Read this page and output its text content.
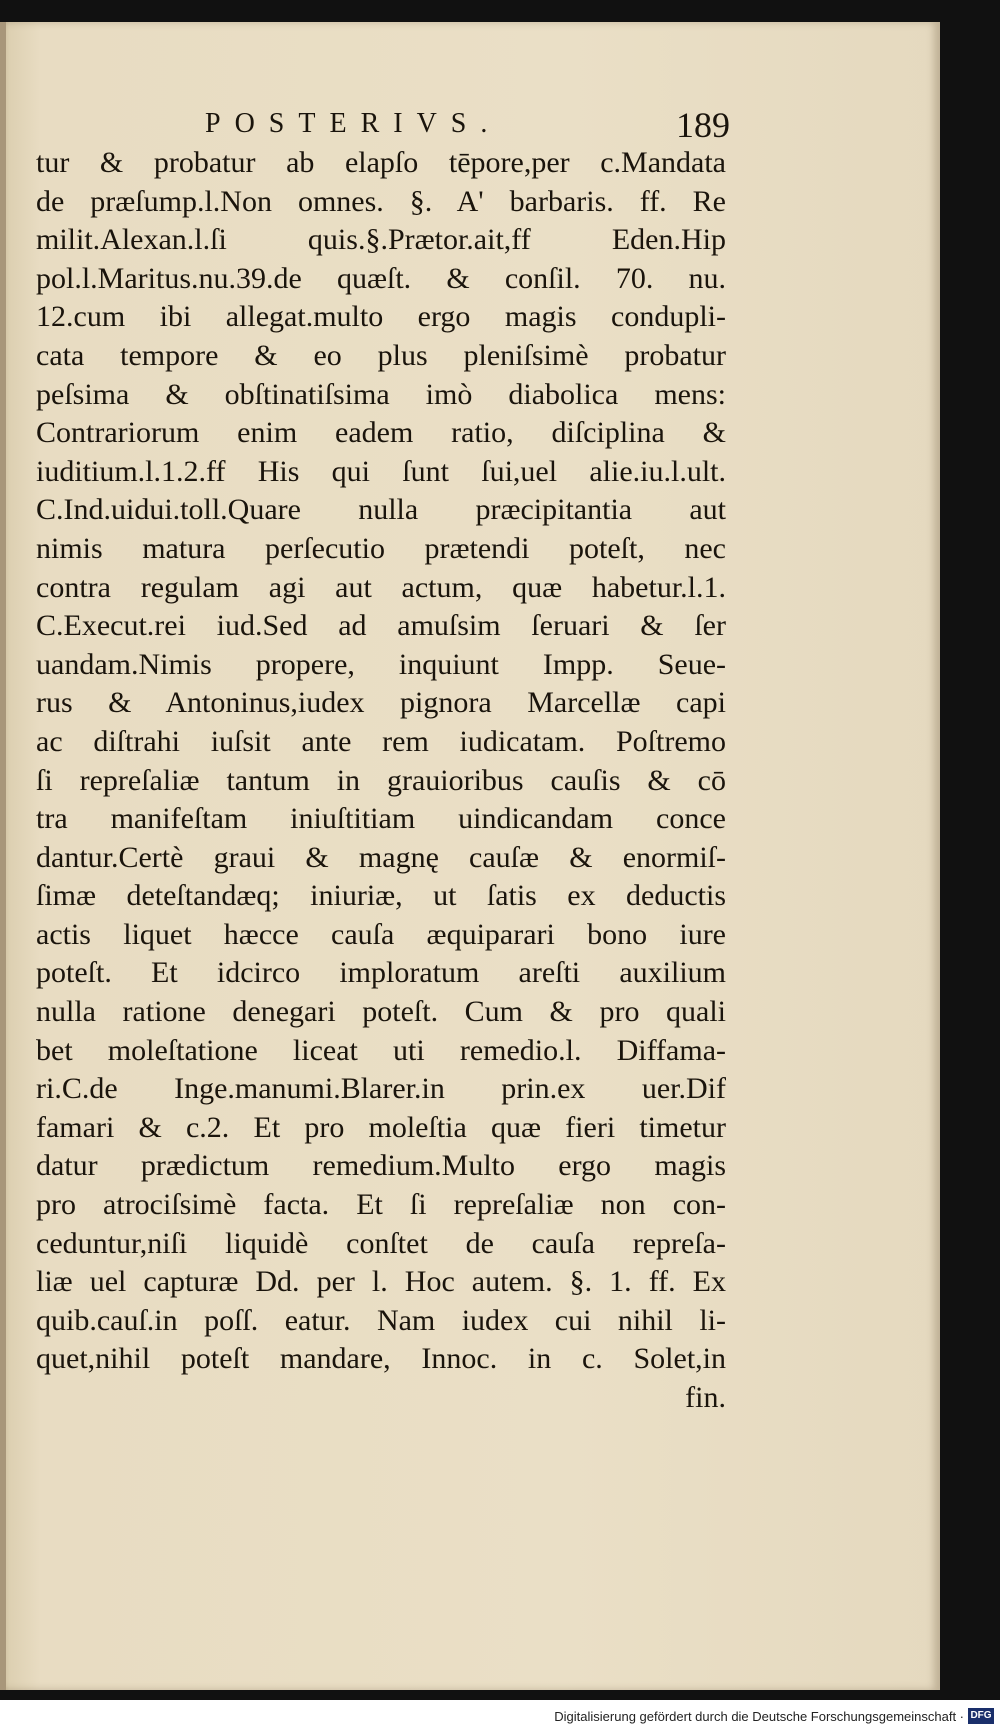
POSTERIVS.	189
tur & probatur ab elapſo tēpore,per c.Mandata
de præſump.l.Non omnes. §. A' barbaris. ff. Re
milit.Alexan.l.ſi quis.§.Prætor.ait,ff Eden.Hip
pol.l.Maritus.nu.39.de quæſt. & conſil. 70. nu.
12.cum ibi allegat.multo ergo magis condupli-
cata tempore & eo plus pleniſsimè probatur
peſsima & obſtinatiſsima imò diabolica mens:
Contrariorum enim eadem ratio, diſciplina &
iuditium.l.1.2.ff His qui ſunt ſui,uel alie.iu.l.ult.
C.Ind.uidui.toll.Quare nulla præcipitantia aut
nimis matura perſecutio prætendi poteſt, nec
contra regulam agi aut actum, quæ habetur.l.1.
C.Execut.rei iud.Sed ad amuſsim ſeruari & ſer
uandam.Nimis propere, inquiunt Impp. Seue-
rus & Antoninus,iudex pignora Marcellæ capi
ac diſtrahi iuſsit ante rem iudicatam. Poſtremo
ſi repreſaliæ tantum in grauioribus cauſis & cō
tra manifeſtam iniuſtitiam uindicandam conce
dantur.Certè graui & magnę cauſæ & enormiſ-
ſimæ deteſtandæq; iniuriæ, ut ſatis ex deductis
actis liquet hæcce cauſa æquiparari bono iure
poteſt. Et idcirco imploratum areſti auxilium
nulla ratione denegari poteſt. Cum & pro quali
bet moleſtatione liceat uti remedio.l. Diffama-
ri.C.de Inge.manumi.Blarer.in prin.ex uer.Dif
famari & c.2. Et pro moleſtia quæ fieri timetur
datur prædictum remedium.Multo ergo magis
pro atrociſsimè facta. Et ſi repreſaliæ non con-
ceduntur,niſi liquidè conſtet de cauſa repreſa-
liæ uel capturæ Dd. per l. Hoc autem. §. 1. ff. Ex
quib.cauſ.in poſſ. eatur. Nam iudex cui nihil li-
quet,nihil poteſt mandare, Innoc. in c. Solet,in
fin.
Digitalisierung gefördert durch die Deutsche Forschungsgemeinschaft · DFG
